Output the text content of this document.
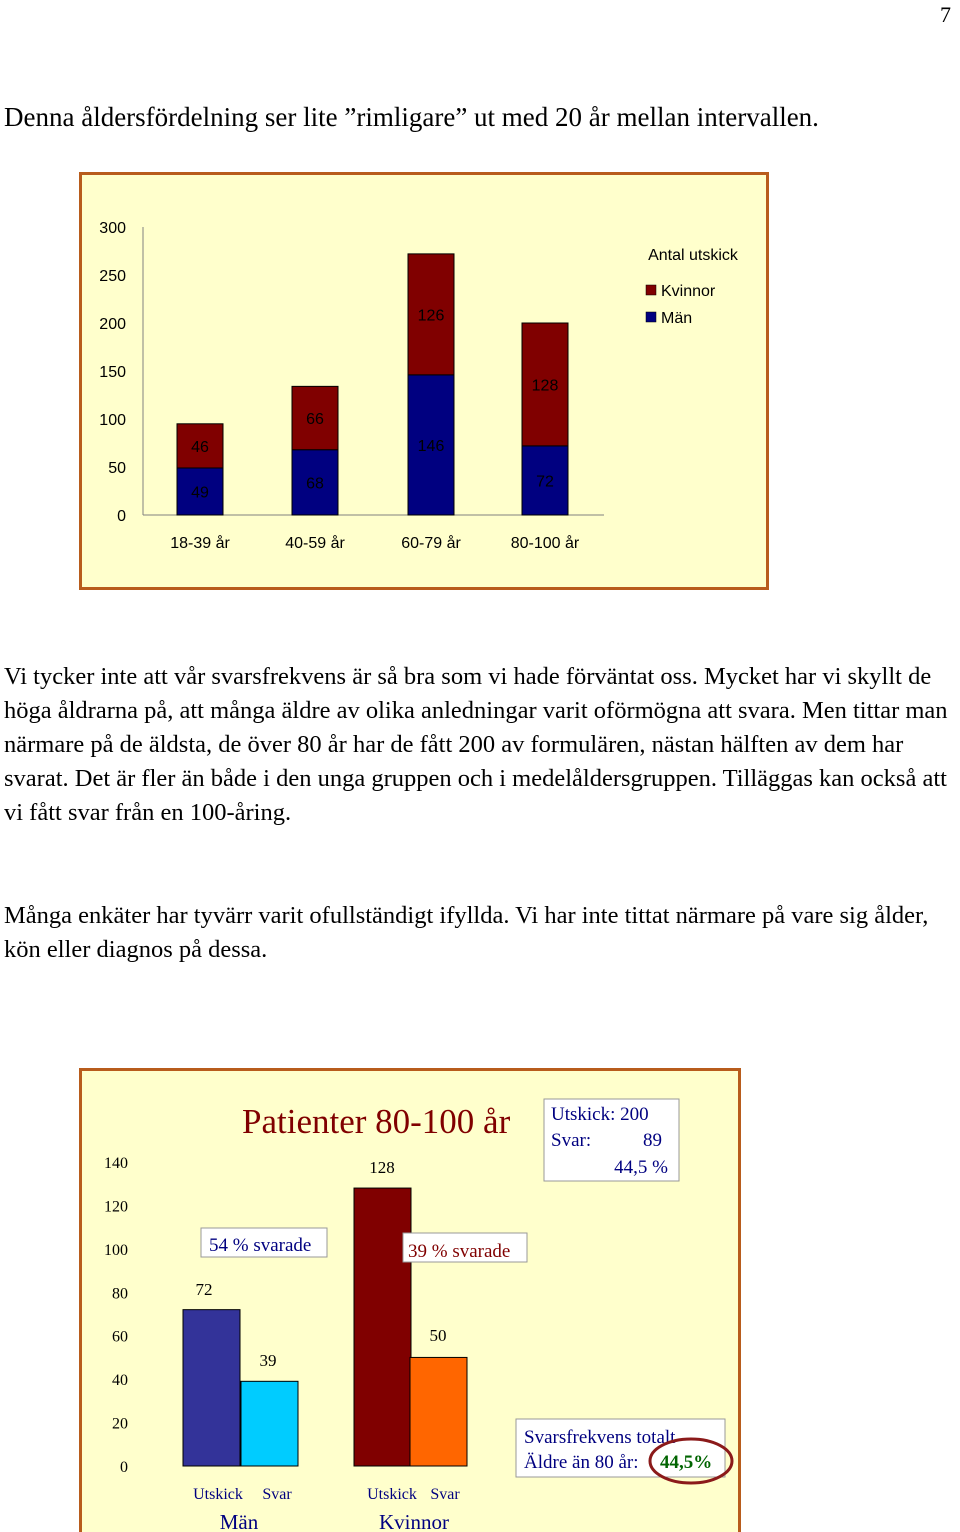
7
Denna åldersfördelning ser lite ”rimligare” ut med 20 år mellan intervallen.
0
50
100
150
200
250
300
49
46
18-39 år
68
66
40-59 år
146
126
60-79 år
72
128
80-100 år
Antal utskick
Kvinnor
Män

Vi tycker inte att vår svarsfrekvens är så bra som vi hade förväntat oss. Mycket har vi skyllt de höga åldrarna på, att många äldre av olika anledningar varit oförmögna att svara. Men tittar man närmare på de äldsta, de över 80 år har de fått 200 av formulären, nästan hälften av dem har svarat. Det är fler än både i den unga gruppen och i medelåldersgruppen. Tilläggas kan också att vi fått svar från en 100-åring.

Många enkäter har tyvärr varit ofullständigt ifyllda. Vi har inte tittat närmare på vare sig ålder, kön eller diagnos på dessa.

Patienter 80-100 år
0
20
40
60
80
100
120
140
72
39
128
50
Utskick Svar	Utskick Svar
Män	Kvinnor
54 % svarade	39 % svarade
Utskick: 200
Svar:	89
44,5 %
Svarsfrekvens totalt
Äldre än 80 år: 44,5%
